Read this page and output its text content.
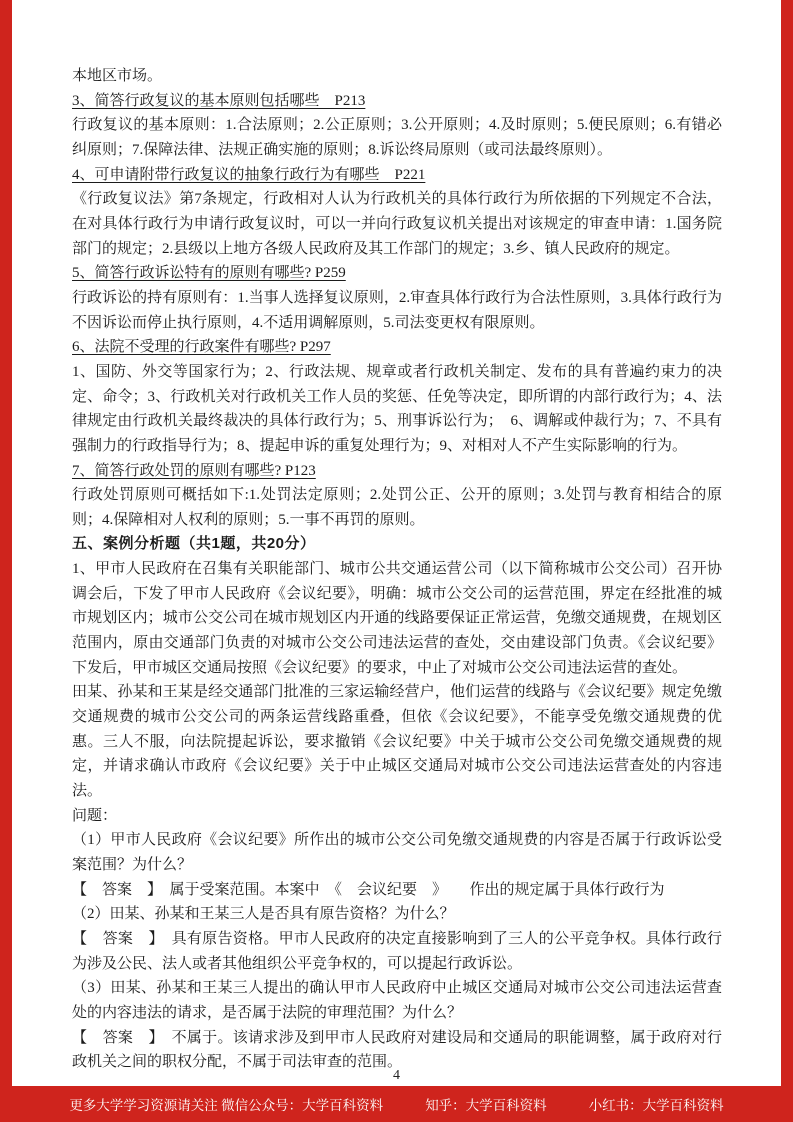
本地区市场。

3、简答行政复议的基本原则包括哪些　P213

行政复议的基本原则：1.合法原则；2.公正原则；3.公开原则；4.及时原则；5.便民原则；6.有错必纠原则；7.保障法律、法规正确实施的原则；8.诉讼终局原则（或司法最终原则）。

4、可申请附带行政复议的抽象行政行为有哪些　P221

《行政复议法》第7条规定，行政相对人认为行政机关的具体行政行为所依据的下列规定不合法，在对具体行政行为申请行政复议时，可以一并向行政复议机关提出对该规定的审查申请：1.国务院部门的规定；2.县级以上地方各级人民政府及其工作部门的规定；3.乡、镇人民政府的规定。

5、简答行政诉讼特有的原则有哪些? P259

行政诉讼的持有原则有：1.当事人选择复议原则，2.审查具体行政行为合法性原则，3.具体行政行为不因诉讼而停止执行原则，4.不适用调解原则，5.司法变更权有限原则。

6、法院不受理的行政案件有哪些? P297

1、国防、外交等国家行为；2、行政法规、规章或者行政机关制定、发布的具有普遍约束力的决定、命令；3、行政机关对行政机关工作人员的奖惩、任免等决定，即所谓的内部行政行为；4、法律规定由行政机关最终裁决的具体行政行为；5、刑事诉讼行为；　6、调解或仲裁行为；7、不具有强制力的行政指导行为；8、提起申诉的重复处理行为；9、对相对人不产生实际影响的行为。

7、简答行政处罚的原则有哪些? P123

行政处罚原则可概括如下:1.处罚法定原则；2.处罚公正、公开的原则；3.处罚与教育相结合的原则；4.保障相对人权利的原则；5.一事不再罚的原则。

五、案例分析题（共1题，共20分）

1、甲市人民政府在召集有关职能部门、城市公共交通运营公司（以下简称城市公交公司）召开协调会后，下发了甲市人民政府《会议纪要》，明确：城市公交公司的运营范围，界定在经批准的城市规划区内；城市公交公司在城市规划区内开通的线路要保证正常运营，免缴交通规费，在规划区范围内，原由交通部门负责的对城市公交公司违法运营的查处，交由建设部门负责。《会议纪要》下发后，甲市城区交通局按照《会议纪要》的要求，中止了对城市公交公司违法运营的查处。

田某、孙某和王某是经交通部门批准的三家运输经营户，他们运营的线路与《会议纪要》规定免缴交通规费的城市公交公司的两条运营线路重叠，但依《会议纪要》，不能享受免缴交通规费的优惠。三人不服，向法院提起诉讼，要求撤销《会议纪要》中关于城市公交公司免缴交通规费的规定，并请求确认市政府《会议纪要》关于中止城区交通局对城市公交公司违法运营查处的内容违法。

问题：

（1）甲市人民政府《会议纪要》所作出的城市公交公司免缴交通规费的内容是否属于行政诉讼受案范围？为什么？

【　答案　】　属于受案范围。本案中　《　会议纪要　》　　作出的规定属于具体行政行为

（2）田某、孙某和王某三人是否具有原告资格？为什么？

【　答案　】　具有原告资格。甲市人民政府的决定直接影响到了三人的公平竞争权。具体行政行为涉及公民、法人或者其他组织公平竞争权的，可以提起行政诉讼。

（3）田某、孙某和王某三人提出的确认甲市人民政府中止城区交通局对城市公交公司违法运营查处的内容违法的请求，是否属于法院的审理范围？为什么？

【　答案　】　不属于。该请求涉及到甲市人民政府对建设局和交通局的职能调整，属于政府对行政机关之间的职权分配，不属于司法审查的范围。

4
更多大学学习资源请关注 微信公众号：大学百科资料	知乎：大学百科资料	小红书：大学百科资料
